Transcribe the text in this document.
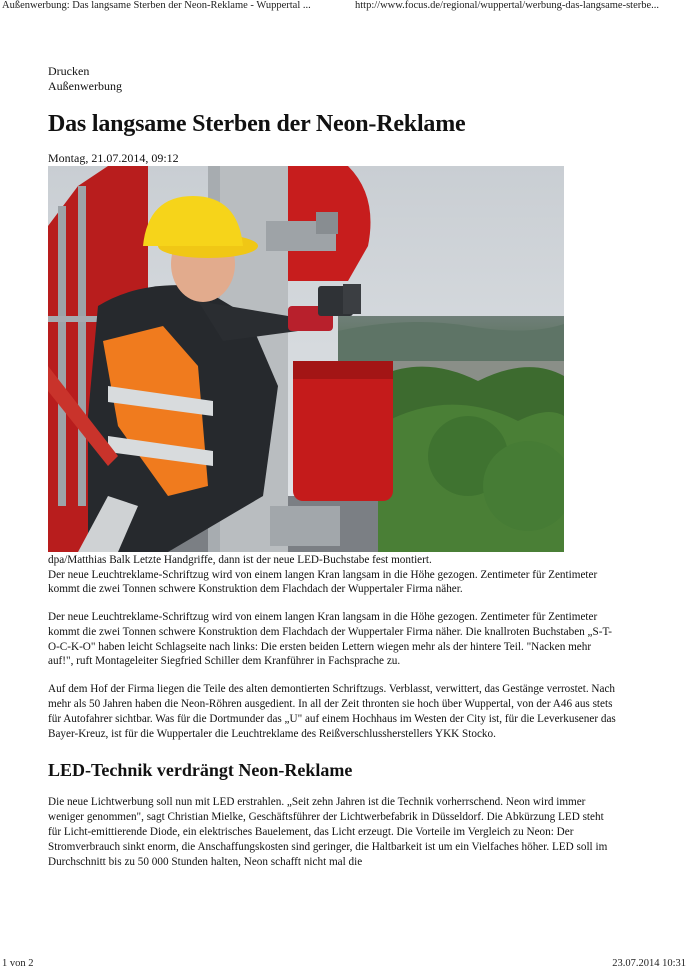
Außenwerbung: Das langsame Sterben der Neon-Reklame - Wuppertal ...	http://www.focus.de/regional/wuppertal/werbung-das-langsame-sterbe...
Drucken
Außenwerbung
Das langsame Sterben der Neon-Reklame
Montag, 21.07.2014, 09:12
dpa/Matthias Balk Letzte Handgriffe, dann ist der neue LED-Buchstabe fest montiert.

Der neue Leuchtreklame-Schriftzug wird von einem langen Kran langsam in die Höhe gezogen. Zentimeter für Zentimeter kommt die zwei Tonnen schwere Konstruktion dem Flachdach der Wuppertaler Firma näher.

Der neue Leuchtreklame-Schriftzug wird von einem langen Kran langsam in die Höhe gezogen. Zentimeter für Zentimeter kommt die zwei Tonnen schwere Konstruktion dem Flachdach der Wuppertaler Firma näher. Die knallroten Buchstaben „S-T-O-C-K-O" haben leicht Schlagseite nach links: Die ersten beiden Lettern wiegen mehr als der hintere Teil. "Nacken mehr auf!", ruft Montageleiter Siegfried Schiller dem Kranführer in Fachsprache zu.

Auf dem Hof der Firma liegen die Teile des alten demontierten Schriftzugs. Verblasst, verwittert, das Gestänge verrostet. Nach mehr als 50 Jahren haben die Neon-Röhren ausgedient. In all der Zeit thronten sie hoch über Wuppertal, von der A46 aus stets für Autofahrer sichtbar. Was für die Dortmunder das „U" auf einem Hochhaus im Westen der City ist, für die Leverkusener das Bayer-Kreuz, ist für die Wuppertaler die Leuchtreklame des Reißverschlussherstellers YKK Stocko.

LED-Technik verdrängt Neon-Reklame

Die neue Lichtwerbung soll nun mit LED erstrahlen. „Seit zehn Jahren ist die Technik vorherrschend. Neon wird immer weniger genommen", sagt Christian Mielke, Geschäftsführer der Lichtwerbefabrik in Düsseldorf. Die Abkürzung LED steht für Licht-emittierende Diode, ein elektrisches Bauelement, das Licht erzeugt. Die Vorteile im Vergleich zu Neon: Der Stromverbrauch sinkt enorm, die Anschaffungskosten sind geringer, die Haltbarkeit ist um ein Vielfaches höher. LED soll im Durchschnitt bis zu 50 000 Stunden halten, Neon schafft nicht mal die

1 von 2	23.07.2014 10:31
